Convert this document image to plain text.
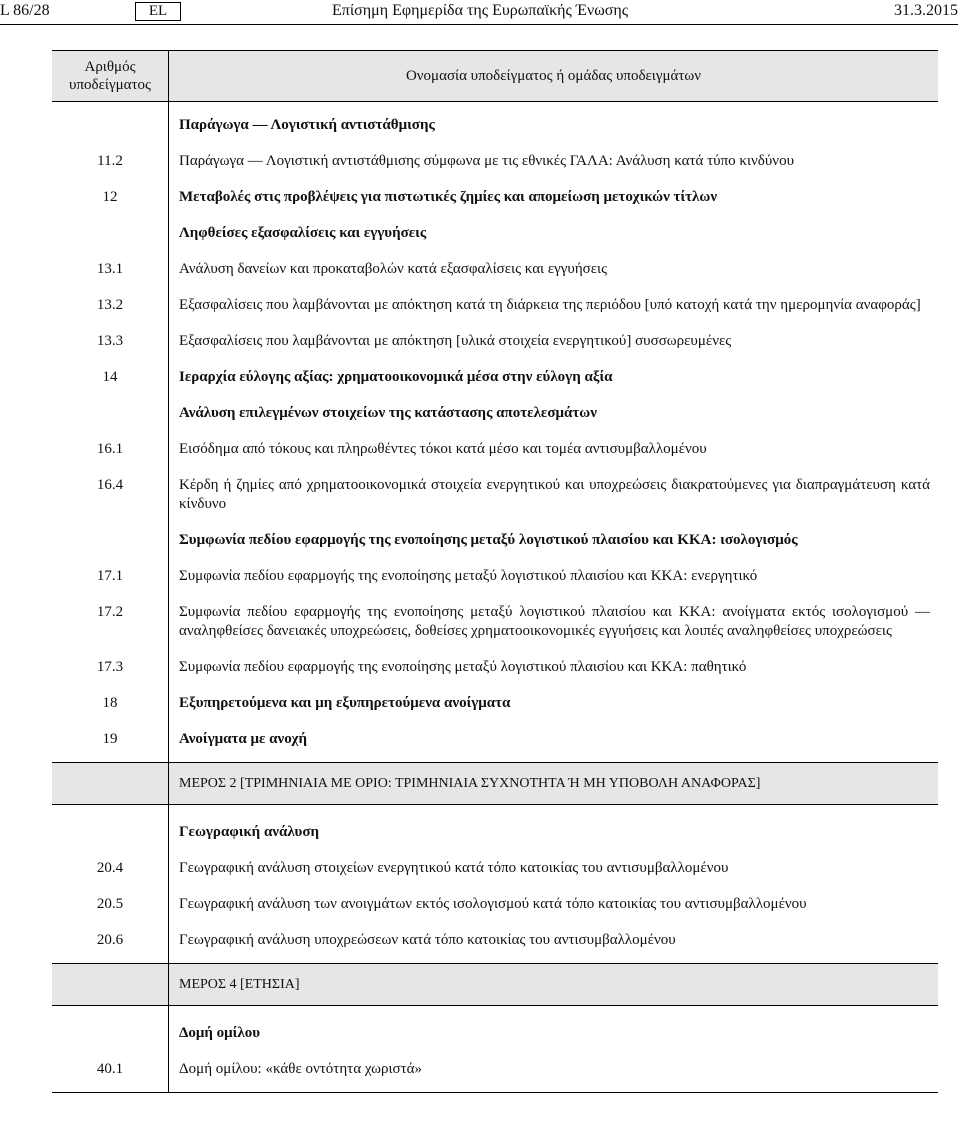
L 86/28	EL	Επίσημη Εφημερίδα της Ευρωπαϊκής Ένωσης	31.3.2015
Αριθμός υποδείγματος	Ονομασία υποδείγματος ή ομάδας υποδειγμάτων
	Παράγωγα — Λογιστική αντιστάθμισης
11.2	Παράγωγα — Λογιστική αντιστάθμισης σύμφωνα με τις εθνικές ΓΑΛΑ: Ανάλυση κατά τύπο κινδύνου
12	Μεταβολές στις προβλέψεις για πιστωτικές ζημίες και απομείωση μετοχικών τίτλων
	Ληφθείσες εξασφαλίσεις και εγγυήσεις
13.1	Ανάλυση δανείων και προκαταβολών κατά εξασφαλίσεις και εγγυήσεις
13.2	Εξασφαλίσεις που λαμβάνονται με απόκτηση κατά τη διάρκεια της περιόδου [υπό κατοχή κατά την ημερομηνία αναφοράς]
13.3	Εξασφαλίσεις που λαμβάνονται με απόκτηση [υλικά στοιχεία ενεργητικού] συσσωρευμένες
14	Ιεραρχία εύλογης αξίας: χρηματοοικονομικά μέσα στην εύλογη αξία
	Ανάλυση επιλεγμένων στοιχείων της κατάστασης αποτελεσμάτων
16.1	Εισόδημα από τόκους και πληρωθέντες τόκοι κατά μέσο και τομέα αντισυμβαλλομένου
16.4	Κέρδη ή ζημίες από χρηματοοικονομικά στοιχεία ενεργητικού και υποχρεώσεις διακρατούμενες για διαπραγμάτευση κατά κίνδυνο
	Συμφωνία πεδίου εφαρμογής της ενοποίησης μεταξύ λογιστικού πλαισίου και ΚΚΑ: ισολογισμός
17.1	Συμφωνία πεδίου εφαρμογής της ενοποίησης μεταξύ λογιστικού πλαισίου και ΚΚΑ: ενεργητικό
17.2	Συμφωνία πεδίου εφαρμογής της ενοποίησης μεταξύ λογιστικού πλαισίου και ΚΚΑ: ανοίγματα εκτός ισολογισμού — αναληφθείσες δανειακές υποχρεώσεις, δοθείσες χρηματοοικονομικές εγγυήσεις και λοιπές αναληφθείσες υποχρεώσεις
17.3	Συμφωνία πεδίου εφαρμογής της ενοποίησης μεταξύ λογιστικού πλαισίου και ΚΚΑ: παθητικό
18	Εξυπηρετούμενα και μη εξυπηρετούμενα ανοίγματα
19	Ανοίγματα με ανοχή
	ΜΕΡΟΣ 2 [ΤΡΙΜΗΝΙΑΙΑ ΜΕ ΟΡΙΟ: ΤΡΙΜΗΝΙΑΙΑ ΣΥΧΝΟΤΗΤΑ Ή ΜΗ ΥΠΟΒΟΛΗ ΑΝΑΦΟΡΑΣ]
	Γεωγραφική ανάλυση
20.4	Γεωγραφική ανάλυση στοιχείων ενεργητικού κατά τόπο κατοικίας του αντισυμβαλλομένου
20.5	Γεωγραφική ανάλυση των ανοιγμάτων εκτός ισολογισμού κατά τόπο κατοικίας του αντισυμβαλλομένου
20.6	Γεωγραφική ανάλυση υποχρεώσεων κατά τόπο κατοικίας του αντισυμβαλλομένου
	ΜΕΡΟΣ 4 [ΕΤΗΣΙΑ]
	Δομή ομίλου
40.1	Δομή ομίλου: «κάθε οντότητα χωριστά»
